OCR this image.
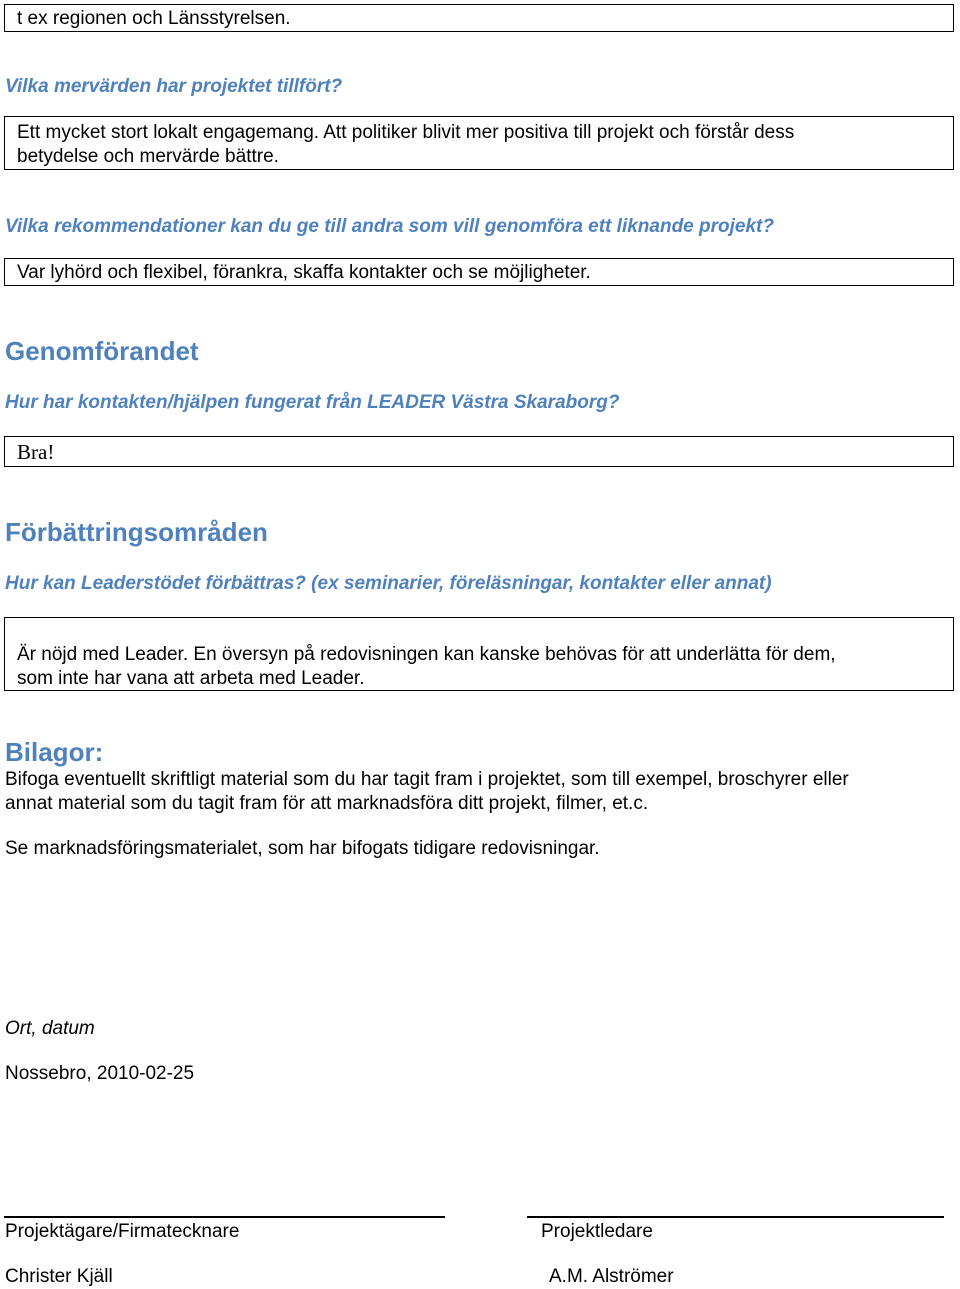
t ex regionen och Länsstyrelsen.
Vilka mervärden har projektet tillfört?
Ett mycket stort lokalt engagemang. Att politiker blivit mer positiva till projekt och förstår dess
betydelse och mervärde bättre.
Vilka rekommendationer kan du ge till andra som vill genomföra ett liknande projekt?
Var lyhörd och flexibel, förankra, skaffa kontakter och se möjligheter.
Genomförandet
Hur har kontakten/hjälpen fungerat från LEADER Västra Skaraborg?
Bra!
Förbättringsområden
Hur kan Leaderstödet förbättras? (ex seminarier, föreläsningar, kontakter eller annat)
Är nöjd med Leader. En översyn på redovisningen kan kanske behövas för att underlätta för dem,
som inte har vana att arbeta med Leader.
Bilagor:
Bifoga eventuellt skriftligt material som du har tagit fram i projektet, som till exempel, broschyrer eller
annat material som du tagit fram för att marknadsföra ditt projekt, filmer, et.c.
Se marknadsföringsmaterialet, som har bifogats tidigare redovisningar.
Ort, datum
Nossebro, 2010-02-25
Projektägare/Firmatecknare	Projektledare
Christer Kjäll	A.M. Alströmer
